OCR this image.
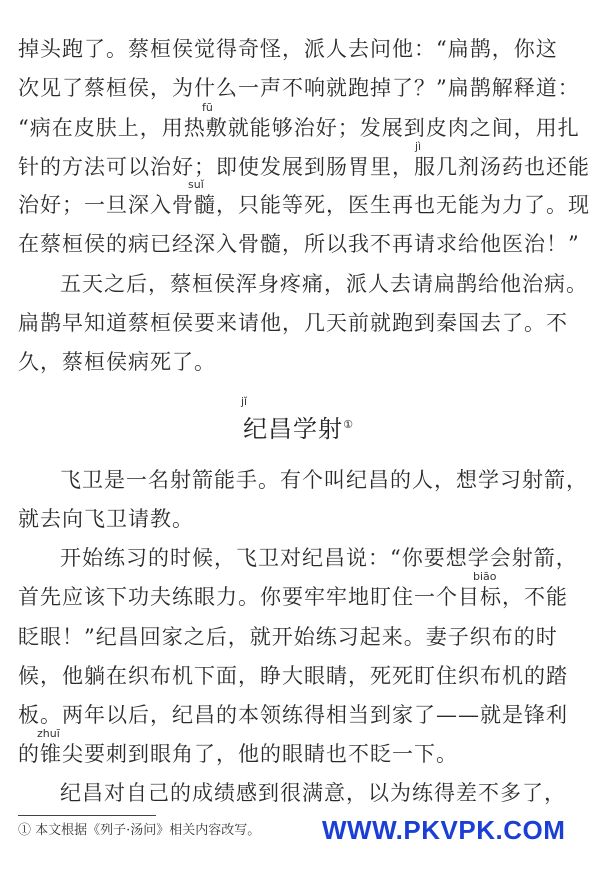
掉头跑了。蔡桓侯觉得奇怪，派人去问他：“扁鹊，你这
次见了蔡桓侯，为什么一声不响就跑掉了？”扁鹊解释道：
fū
“病在皮肤上，用热敷就能够治好；发展到皮肉之间，用扎
jì
针的方法可以治好；即使发展到肠胃里，服几剂汤药也还能
suǐ
治好；一旦深入骨髓，只能等死，医生再也无能为力了。现
在蔡桓侯的病已经深入骨髓，所以我不再请求给他医治！”
五天之后，蔡桓侯浑身疼痛，派人去请扁鹊给他治病。
扁鹊早知道蔡桓侯要来请他，几天前就跑到秦国去了。不
久，蔡桓侯病死了。
jǐ
纪昌学射①
飞卫是一名射箭能手。有个叫纪昌的人，想学习射箭，
就去向飞卫请教。
开始练习的时候，飞卫对纪昌说：“你要想学会射箭，
biāo
首先应该下功夫练眼力。你要牢牢地盯住一个目标，不能
眨眼！”纪昌回家之后，就开始练习起来。妻子织布的时
候，他躺在织布机下面，睁大眼睛，死死盯住织布机的踏
板。两年以后，纪昌的本领练得相当到家了——就是锋利
zhuī
的锥尖要刺到眼角了，他的眼睛也不眨一下。
纪昌对自己的成绩感到很满意，以为练得差不多了，
① 本文根据《列子·汤问》相关内容改写。 WWW.PKVPK.COM
